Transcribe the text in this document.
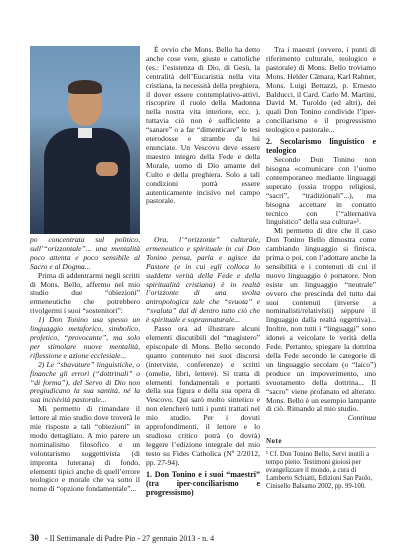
po concentrata sul politico, sull’“orizzontale”... una mentalità poco attenta e poco sensibile al Sacro e al Dogma...

Prima di addentrarmi negli scritti di Mons. Bello, affermo nel mio studio due “obiezioni” ermeneutiche che potrebbero rivolgermi i suoi “sostenitori”:

1) Don Tonino usa spesso un linguaggio metaforico, simbolico, profetico, “provocante”, ma solo per stimolare nuove mentalità, riflessione e azione ecclesiale...

2) Le “sbavature” linguistiche, o finanche gli errori (“dottrinali” o “di forma”), del Servo di Dio non pregiudicano la sua santità, né la sua incisività pastorale...

Mi permetto di rimandare il lettore al mio studio dove troverà le mie risposte a tali “obiezioni” in modo dettagliato. A mio parere un nominalismo filosofico e un volontarismo soggettivista (di impronta luterana) di fondo, elementi tipici anche di quell’errore teologico e morale che va sotto il nome di “opzione fondamentale”...

È ovvio che Mons. Bello ha detto anche cose vere, giuste e cattoliche (es.: l’esistenza di Dio, di Gesù, la centralità dell’Eucaristia nella vita cristiana, la necessità della preghiera, il dover essere contemplativo-attivi, riscoprire il ruolo della Madonna nella nostra vita interiore, ecc. ), tuttavia ciò non è sufficiente a “sanare” o a far “dimenticare” le tesi eterodosse e strambe da lui enunciate. Un Vescovo deve essere maestro integro della Fede e della Morale, uomo di Dio amante del Culto e della preghiera. Solo a tali condizioni potrà essere autenticamente incisivo nel campo pastorale.

Ora, l’“orizzonte” culturale, ermeneutico e spirituale in cui Don Tonino pensa, parla e agisce da Pastore (e in cui egli colloca lo suddette verità della Fede e della spiritualità cristiana) è in realtà l’orizzonte di una svolta antropologica tale che “svuota” e “svaluta” dal di dentro tutto ciò che è spirituale e soprannaturale...

Passo ora ad illustrare alcuni elementi discutibili del “magistero” episcopale di Mons. Bello secondo quanto contenuto nei suoi discorsi (interviste, conferenze) e scritti (omelie, libri, lettere). Si tratta di elementi fondamentali e portanti della sua figura e della sua opera di Vescovo. Qui sarò molto sintetico e non elencherò tutti i punti trattati nel mio studio. Per i dovuti approfondimenti, il lettore e lo studioso critico potrà (o dovrà) leggere l’edizione integrale del mio testo su Fides Catholica (Nº 2/2012, pp. 27-94).

1. Don Tonino e i suoi “maestri” (tra iper-conciliarismo e progressismo)

Tra i maestri (ovvero, i punti di riferimento culturale, teologico e pastorale) di Mons. Bello troviamo Mons. Helder Câmara, Karl Rahner, Mons. Luigi Bettazzi, p. Ernesto Balducci, il Card. Carlo M. Martini, David M. Turoldo (ed altri), dei quali Don Tonino condivide l’iper-conciliarismo e il progressismo teologico e pastorale...

2. Secolarismo linguistico e teologico

Secondo Don Tonino non bisogna «comunicare con l’uomo contemporaneo mediante linguaggi superato (ossia troppo religiosi, “sacri”, “tradizionali”...), ma bisogna accettare in contatto tecnico con l’“alternativa linguistico” della sua cultura»¹.

Mi permetto di dire che il caso Don Tonino Bello dimostra come cambiando linguaggio si finisca, prima o poi, con l’adottare anche la sensibilità e i contenuti di cui il nuovo linguaggio è portatore. Non esiste un linguaggio “neutrale” ovvero che prescinda del tutto dai suoi contenuti (inverse a nominalisti/relativisti) seppure il linguaggio dalla realtà oggettiva)... Inoltre, non tutti i “linguaggi” sono idonei a veicolare le verità della Fede. Pertanto, spiegare la dottrina della Fede secondo le categorie di un linguaggio secolare (o “laico”) produce un impoverimento, uno svuotamento della dottrina... Il “sacro” viene profanato ed alterato. Mons. Bello è un esempio lampante di ciò. Rimando al mio studio.

Continua

Note
¹ Cf. Don Tonino Bello, Servi inutili a tempo pieno. Testimoni gioiosi per evangelizzare il mondo, a cura di Lamberto Schiatti, Edizioni San Paolo, Cinisello Balsamo 2002, pp. 99-100.
30 - Il Settimanale di Padre Pio - 27 gennaio 2013 - n. 4
